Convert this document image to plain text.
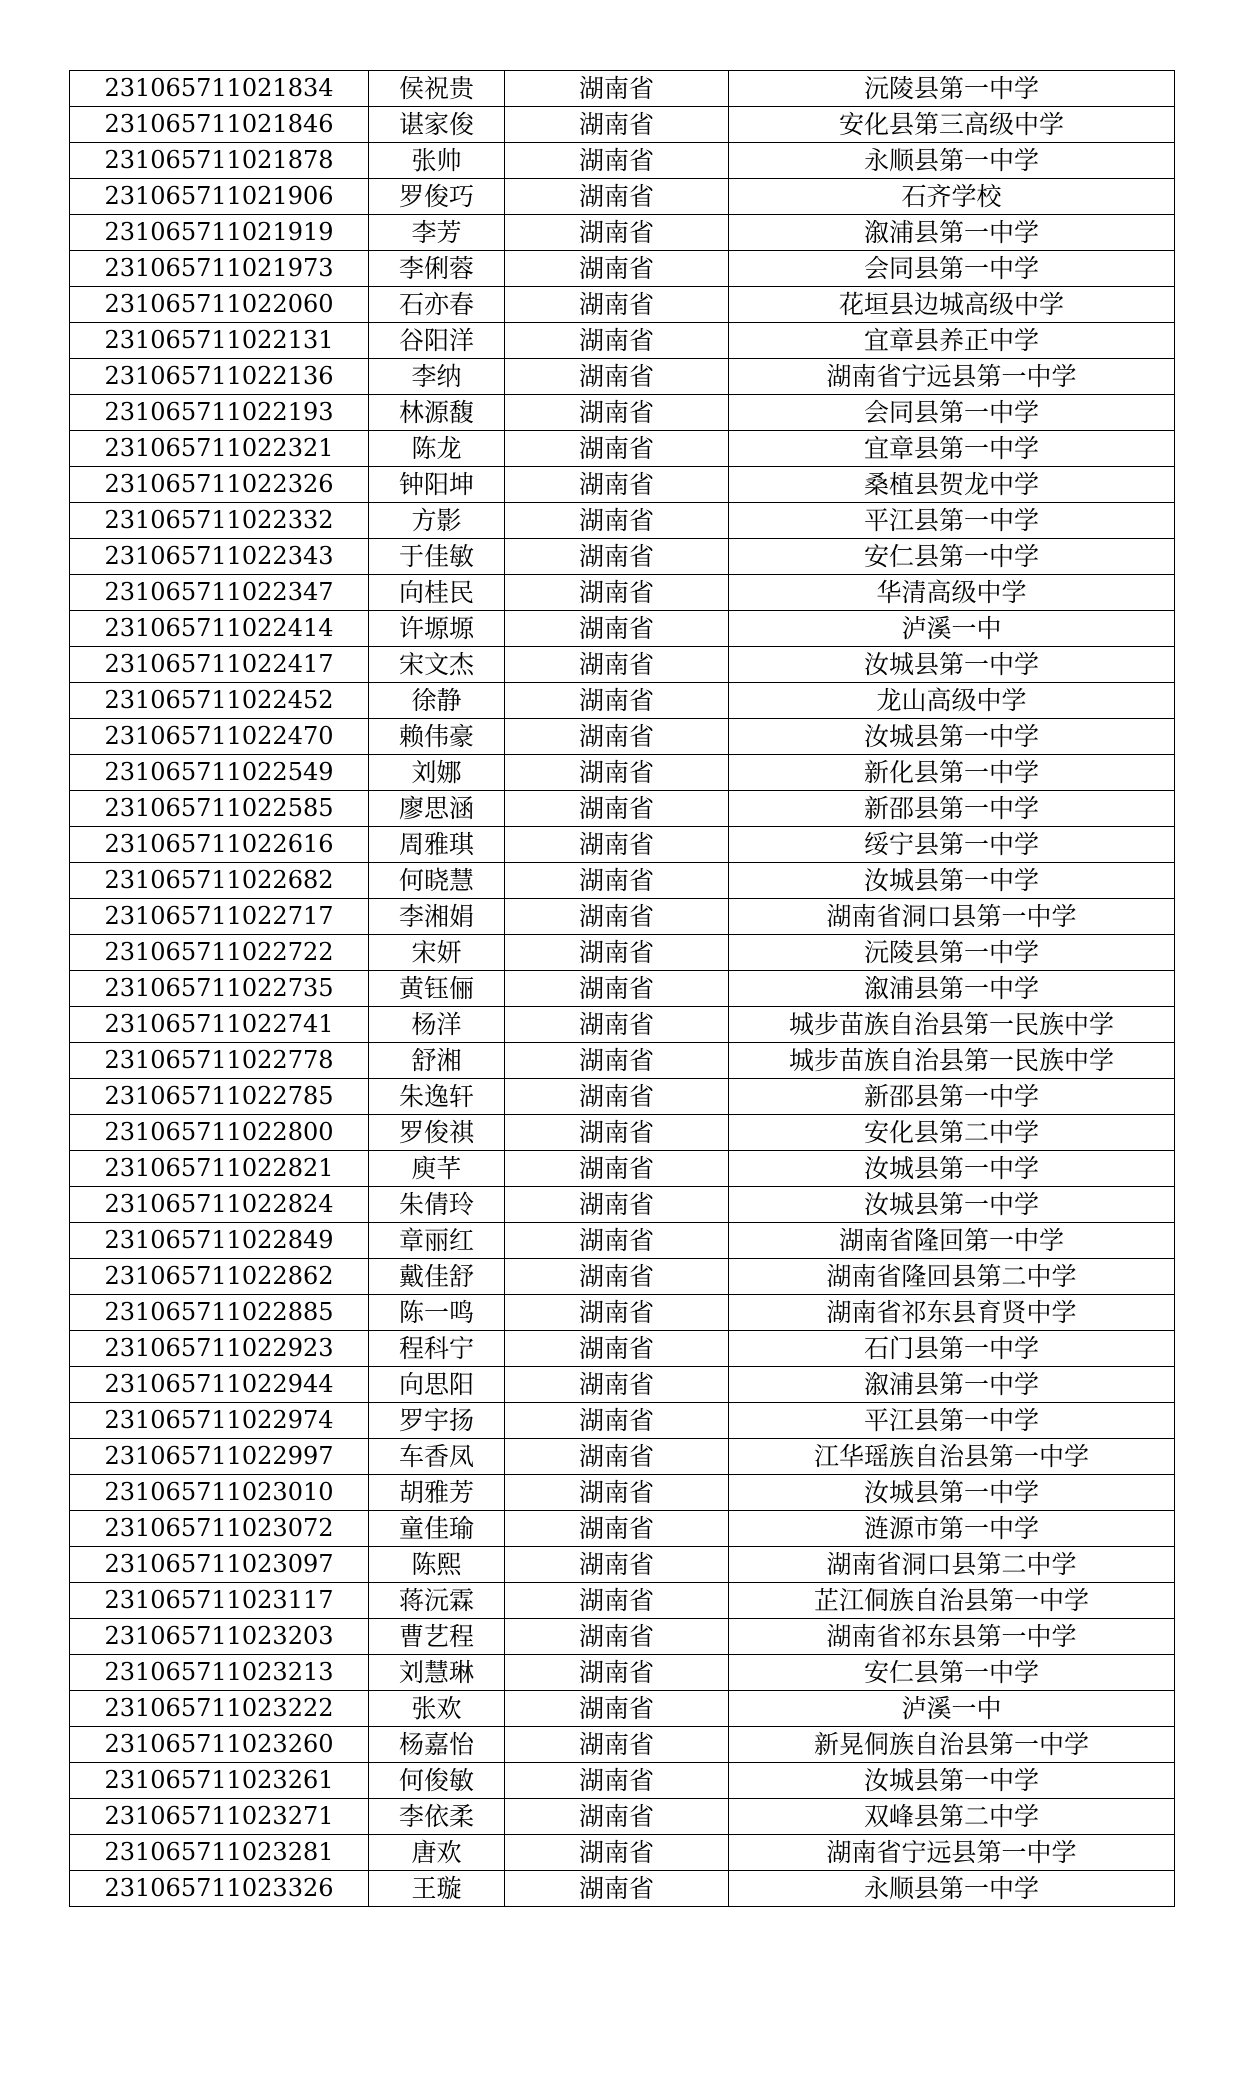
231065711021834	侯祝贵	湖南省	沅陵县第一中学
231065711021846	谌家俊	湖南省	安化县第三高级中学
231065711021878	张帅	湖南省	永顺县第一中学
231065711021906	罗俊巧	湖南省	石齐学校
231065711021919	李芳	湖南省	溆浦县第一中学
231065711021973	李俐蓉	湖南省	会同县第一中学
231065711022060	石亦春	湖南省	花垣县边城高级中学
231065711022131	谷阳洋	湖南省	宜章县养正中学
231065711022136	李纳	湖南省	湖南省宁远县第一中学
231065711022193	林源馥	湖南省	会同县第一中学
231065711022321	陈龙	湖南省	宜章县第一中学
231065711022326	钟阳坤	湖南省	桑植县贺龙中学
231065711022332	方影	湖南省	平江县第一中学
231065711022343	于佳敏	湖南省	安仁县第一中学
231065711022347	向桂民	湖南省	华清高级中学
231065711022414	许塬塬	湖南省	泸溪一中
231065711022417	宋文杰	湖南省	汝城县第一中学
231065711022452	徐静	湖南省	龙山高级中学
231065711022470	赖伟豪	湖南省	汝城县第一中学
231065711022549	刘娜	湖南省	新化县第一中学
231065711022585	廖思涵	湖南省	新邵县第一中学
231065711022616	周雅琪	湖南省	绥宁县第一中学
231065711022682	何晓慧	湖南省	汝城县第一中学
231065711022717	李湘娟	湖南省	湖南省洞口县第一中学
231065711022722	宋妍	湖南省	沅陵县第一中学
231065711022735	黄钰俪	湖南省	溆浦县第一中学
231065711022741	杨洋	湖南省	城步苗族自治县第一民族中学
231065711022778	舒湘	湖南省	城步苗族自治县第一民族中学
231065711022785	朱逸轩	湖南省	新邵县第一中学
231065711022800	罗俊祺	湖南省	安化县第二中学
231065711022821	庾芊	湖南省	汝城县第一中学
231065711022824	朱倩玲	湖南省	汝城县第一中学
231065711022849	章丽红	湖南省	湖南省隆回第一中学
231065711022862	戴佳舒	湖南省	湖南省隆回县第二中学
231065711022885	陈一鸣	湖南省	湖南省祁东县育贤中学
231065711022923	程科宁	湖南省	石门县第一中学
231065711022944	向思阳	湖南省	溆浦县第一中学
231065711022974	罗宇扬	湖南省	平江县第一中学
231065711022997	车香凤	湖南省	江华瑶族自治县第一中学
231065711023010	胡雅芳	湖南省	汝城县第一中学
231065711023072	童佳瑜	湖南省	涟源市第一中学
231065711023097	陈熙	湖南省	湖南省洞口县第二中学
231065711023117	蒋沅霖	湖南省	芷江侗族自治县第一中学
231065711023203	曹艺程	湖南省	湖南省祁东县第一中学
231065711023213	刘慧琳	湖南省	安仁县第一中学
231065711023222	张欢	湖南省	泸溪一中
231065711023260	杨嘉怡	湖南省	新晃侗族自治县第一中学
231065711023261	何俊敏	湖南省	汝城县第一中学
231065711023271	李依柔	湖南省	双峰县第二中学
231065711023281	唐欢	湖南省	湖南省宁远县第一中学
231065711023326	王璇	湖南省	永顺县第一中学
